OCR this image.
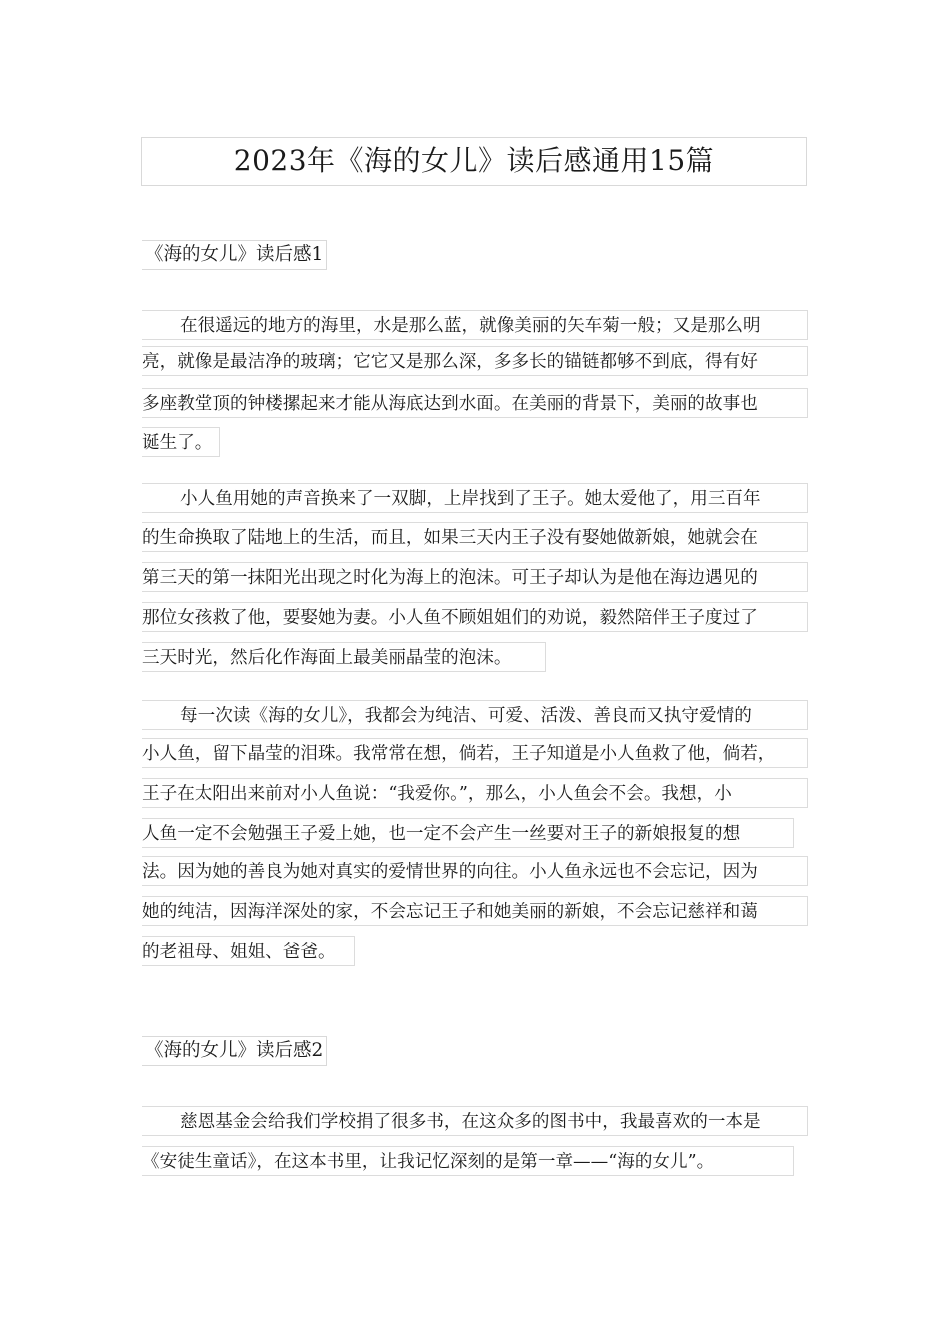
2023年《海的女儿》读后感通用15篇
《海的女儿》读后感1
在很遥远的地方的海里，水是那么蓝，就像美丽的矢车菊一般；又是那么明
亮，就像是最洁净的玻璃；它它又是那么深，多多长的锚链都够不到底，得有好
多座教堂顶的钟楼摞起来才能从海底达到水面。在美丽的背景下，美丽的故事也
诞生了。
小人鱼用她的声音换来了一双脚，上岸找到了王子。她太爱他了，用三百年
的生命换取了陆地上的生活，而且，如果三天内王子没有娶她做新娘，她就会在
第三天的第一抹阳光出现之时化为海上的泡沫。可王子却认为是他在海边遇见的
那位女孩救了他，要娶她为妻。小人鱼不顾姐姐们的劝说，毅然陪伴王子度过了
三天时光，然后化作海面上最美丽晶莹的泡沫。
每一次读《海的女儿》，我都会为纯洁、可爱、活泼、善良而又执守爱情的
小人鱼，留下晶莹的泪珠。我常常在想，倘若，王子知道是小人鱼救了他，倘若，
王子在太阳出来前对小人鱼说：“我爱你。”，那么，小人鱼会不会。我想，小
人鱼一定不会勉强王子爱上她，也一定不会产生一丝要对王子的新娘报复的想
法。因为她的善良为她对真实的爱情世界的向往。小人鱼永远也不会忘记，因为
她的纯洁，因海洋深处的家，不会忘记王子和她美丽的新娘，不会忘记慈祥和蔼
的老祖母、姐姐、爸爸。
《海的女儿》读后感2
慈恩基金会给我们学校捐了很多书，在这众多的图书中，我最喜欢的一本是
《安徒生童话》，在这本书里，让我记忆深刻的是第一章——“海的女儿”。
